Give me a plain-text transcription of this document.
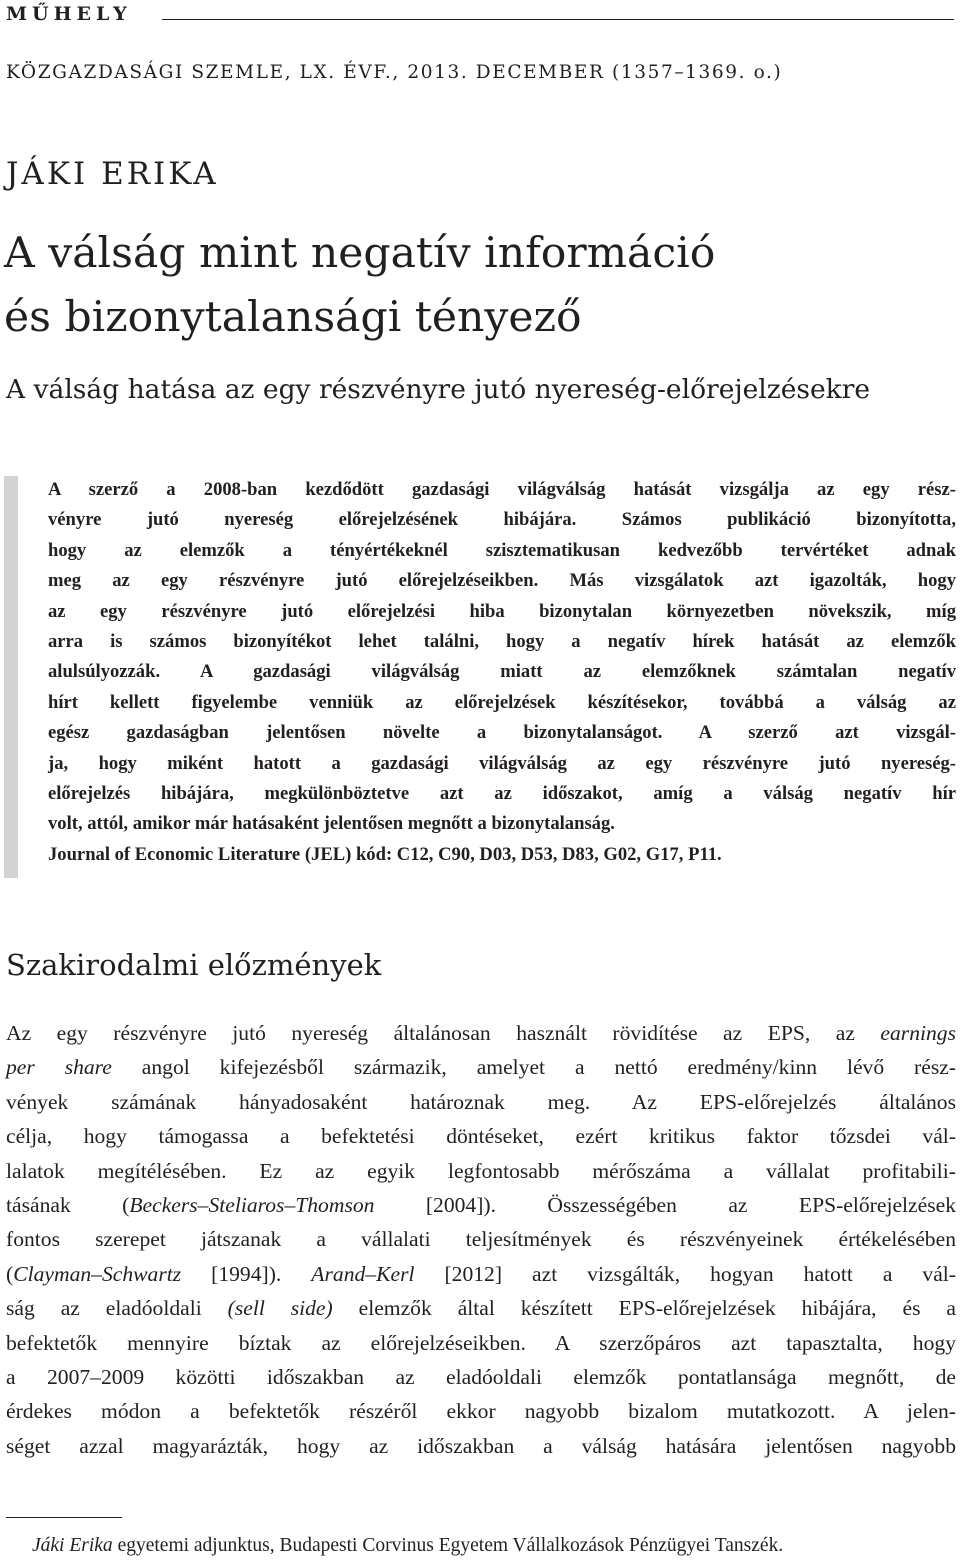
MŰHELY
KÖZGAZDASÁGI SZEMLE, LX. ÉVF., 2013. DECEMBER (1357–1369. o.)
JÁKI ERIKA
A válság mint negatív információ
és bizonytalansági tényező
A válság hatása az egy részvényre jutó nyereség-előrejelzésekre
A szerző a 2008-ban kezdődött gazdasági világválság hatását vizsgálja az egy rész-
vényre jutó nyereség előrejelzésének hibájára. Számos publikáció bizonyította,
hogy az elemzők a tényértékeknél szisztematikusan kedvezőbb tervértéket adnak
meg az egy részvényre jutó előrejelzéseikben. Más vizsgálatok azt igazolták, hogy
az egy részvényre jutó előrejelzési hiba bizonytalan környezetben növekszik, míg
arra is számos bizonyítékot lehet találni, hogy a negatív hírek hatását az elemzők
alulsúlyozzák. A gazdasági világválság miatt az elemzőknek számtalan negatív
hírt kellett figyelembe venniük az előrejelzések készítésekor, továbbá a válság az
egész gazdaságban jelentősen növelte a bizonytalanságot. A szerző azt vizsgál-
ja, hogy miként hatott a gazdasági világválság az egy részvényre jutó nyereség-
előrejelzés hibájára, megkülönböztetve azt az időszakot, amíg a válság negatív hír
volt, attól, amikor már hatásaként jelentősen megnőtt a bizonytalanság.
Journal of Economic Literature (JEL) kód: C12, C90, D03, D53, D83, G02, G17, P11.
Szakirodalmi előzmények
Az egy részvényre jutó nyereség általánosan használt rövidítése az EPS, az earnings
per share angol kifejezésből származik, amelyet a nettó eredmény/kinn lévő rész-
vények számának hányadosaként határoznak meg. Az EPS-előrejelzés általános
célja, hogy támogassa a befektetési döntéseket, ezért kritikus faktor tőzsdei vál-
lalatok megítélésében. Ez az egyik legfontosabb mérőszáma a vállalat profitabili-
tásának (Beckers–Steliaros–Thomson [2004]). Összességében az EPS-előrejelzések
fontos szerepet játszanak a vállalati teljesítmények és részvényeinek értékelésében
(Clayman–Schwartz [1994]). Arand–Kerl [2012] azt vizsgálták, hogyan hatott a vál-
ság az eladóoldali (sell side) elemzők által készített EPS-előrejelzések hibájára, és a
befektetők mennyire bíztak az előrejelzéseikben. A szerzőpáros azt tapasztalta, hogy
a 2007–2009 közötti időszakban az eladóoldali elemzők pontatlansága megnőtt, de
érdekes módon a befektetők részéről ekkor nagyobb bizalom mutatkozott. A jelen-
séget azzal magyarázták, hogy az időszakban a válság hatására jelentősen nagyobb
Jáki Erika egyetemi adjunktus, Budapesti Corvinus Egyetem Vállalkozások Pénzügyei Tanszék.
